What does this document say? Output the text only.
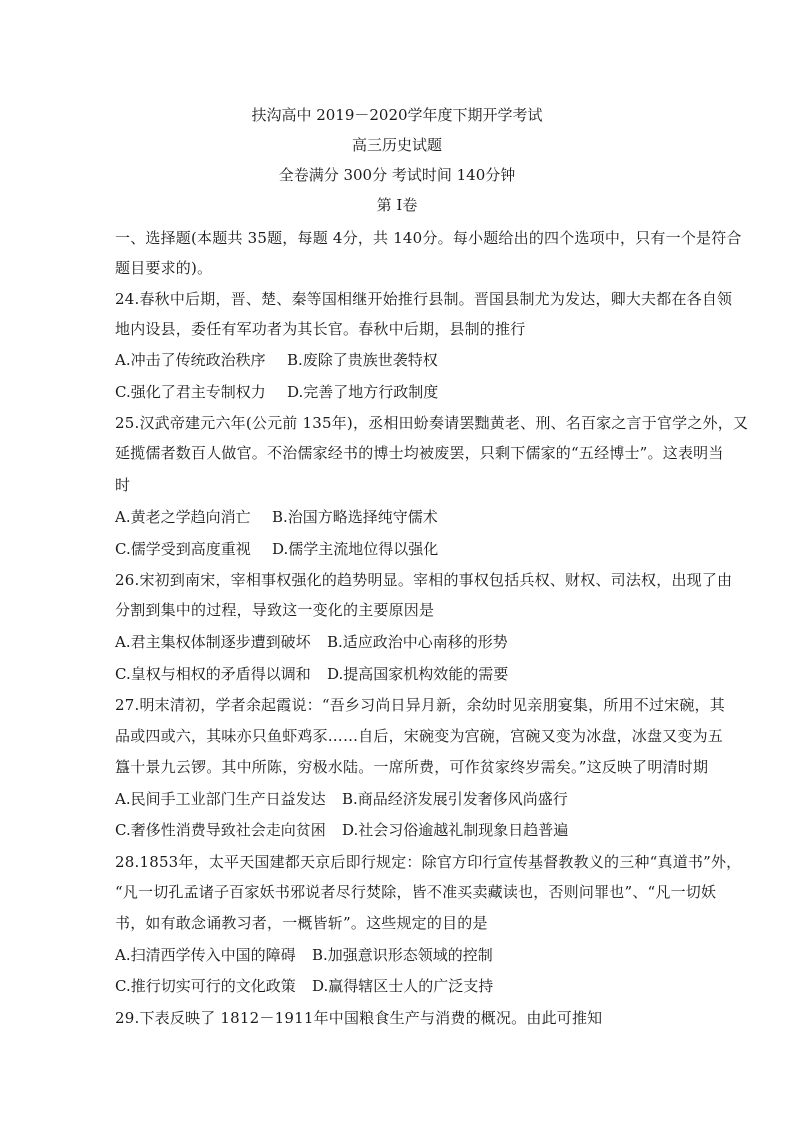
扶沟高中 2019－2020学年度下期开学考试
高三历史试题
全卷满分 300分 考试时间 140分钟
第 I卷
一、选择题(本题共 35题，每题 4分，共 140分。每小题给出的四个选项中，只有一个是符合
题目要求的)。
24.春秋中后期，晋、楚、秦等国相继开始推行县制。晋国县制尤为发达，卿大夫都在各自领
地内设县，委任有军功者为其长官。春秋中后期，县制的推行
A.冲击了传统政治秩序 B.废除了贵族世袭特权
C.强化了君主专制权力 D.完善了地方行政制度
25.汉武帝建元六年(公元前 135年)，丞相田蚡奏请罢黜黄老、刑、名百家之言于官学之外，又
延揽儒者数百人做官。不治儒家经书的博士均被废罢，只剩下儒家的“五经博士”。这表明当
时
A.黄老之学趋向消亡 B.治国方略选择纯守儒术
C.儒学受到高度重视 D.儒学主流地位得以强化
26.宋初到南宋，宰相事权强化的趋势明显。宰相的事权包括兵权、财权、司法权，出现了由
分割到集中的过程，导致这一变化的主要原因是
A.君主集权体制逐步遭到破坏 B.适应政治中心南移的形势
C.皇权与相权的矛盾得以调和 D.提高国家机构效能的需要
27.明末清初，学者余起霞说：“吾乡习尚日异月新，余幼时见亲朋宴集，所用不过宋碗，其
品或四或六，其味亦只鱼虾鸡豕……自后，宋碗变为宫碗，宫碗又变为冰盘，冰盘又变为五
簋十景九云锣。其中所陈，穷极水陆。一席所费，可作贫家终岁需矣。”这反映了明清时期
A.民间手工业部门生产日益发达 B.商品经济发展引发奢侈风尚盛行
C.奢侈性消费导致社会走向贫困 D.社会习俗逾越礼制现象日趋普遍
28.1853年，太平天国建都天京后即行规定：除官方印行宣传基督教教义的三种“真道书”外，
“凡一切孔孟诸子百家妖书邪说者尽行焚除，皆不准买卖藏读也，否则问罪也”、“凡一切妖
书，如有敢念诵教习者，一概皆斩”。这些规定的目的是
A.扫清西学传入中国的障碍 B.加强意识形态领域的控制
C.推行切实可行的文化政策 D.赢得辖区士人的广泛支持
29.下表反映了 1812－1911年中国粮食生产与消费的概况。由此可推知
